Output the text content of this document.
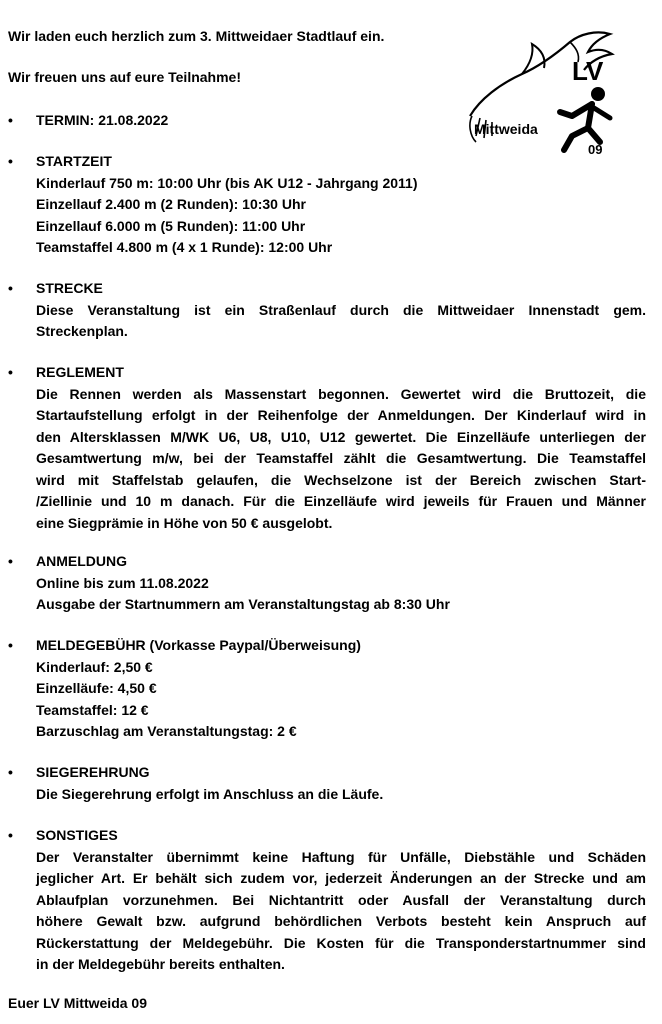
Wir laden euch herzlich zum 3. Mittweidaer Stadtlauf ein.
Wir freuen uns auf eure Teilnahme!	LV
Mittweida
09
•	TERMIN: 21.08.2022
•	STARTZEIT
Kinderlauf 750 m: 10:00 Uhr (bis AK U12 - Jahrgang 2011)
Einzellauf 2.400 m (2 Runden): 10:30 Uhr
Einzellauf 6.000 m (5 Runden): 11:00 Uhr
Teamstaffel 4.800 m (4 x 1 Runde): 12:00 Uhr
•	STRECKE
Diese Veranstaltung ist ein Straßenlauf durch die Mittweidaer Innenstadt gem.
Streckenplan.
•	REGLEMENT
Die Rennen werden als Massenstart begonnen. Gewertet wird die Bruttozeit, die
Startaufstellung erfolgt in der Reihenfolge der Anmeldungen. Der Kinderlauf wird in
den Altersklassen M/WK U6, U8, U10, U12 gewertet. Die Einzelläufe unterliegen der
Gesamtwertung m/w, bei der Teamstaffel zählt die Gesamtwertung. Die Teamstaffel
wird mit Staffelstab gelaufen, die Wechselzone ist der Bereich zwischen Start-
/Ziellinie und 10 m danach. Für die Einzelläufe wird jeweils für Frauen und Männer
eine Siegprämie in Höhe von 50 € ausgelobt.
•	ANMELDUNG
Online bis zum 11.08.2022
Ausgabe der Startnummern am Veranstaltungstag ab 8:30 Uhr
•	MELDEGEBÜHR (Vorkasse Paypal/Überweisung)
Kinderlauf: 2,50 €
Einzelläufe: 4,50 €
Teamstaffel: 12 €
Barzuschlag am Veranstaltungstag: 2 €
•	SIEGEREHRUNG
Die Siegerehrung erfolgt im Anschluss an die Läufe.
•	SONSTIGES
Der Veranstalter übernimmt keine Haftung für Unfälle, Diebstähle und Schäden
jeglicher Art. Er behält sich zudem vor, jederzeit Änderungen an der Strecke und am
Ablaufplan vorzunehmen. Bei Nichtantritt oder Ausfall der Veranstaltung durch
höhere Gewalt bzw. aufgrund behördlichen Verbots besteht kein Anspruch auf
Rückerstattung der Meldegebühr. Die Kosten für die Transponderstartnummer sind
in der Meldegebühr bereits enthalten.
Euer LV Mittweida 09
